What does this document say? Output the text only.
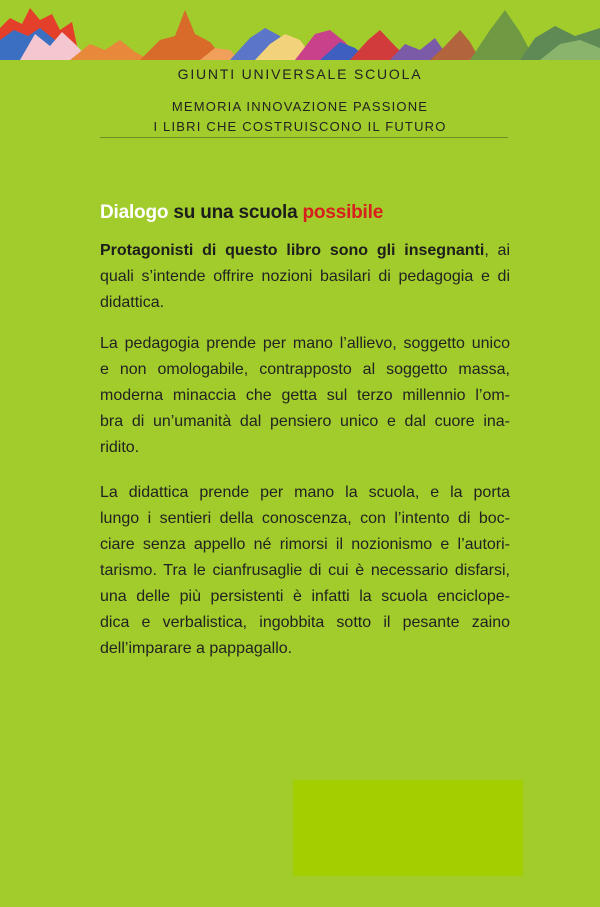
GIUNTI UNIVERSALE SCUOLA
MEMORIA INNOVAZIONE PASSIONE
I LIBRI CHE COSTRUISCONO IL FUTURO
Dialogo su una scuola possibile
Protagonisti di questo libro sono gli insegnanti, ai
quali s’intende offrire nozioni basilari di pedagogia e di
didattica.
La pedagogia prende per mano l’allievo, soggetto unico
e non omologabile, contrapposto al soggetto massa,
moderna minaccia che getta sul terzo millennio l’om-
bra di un’umanità dal pensiero unico e dal cuore ina-
ridito.
La didattica prende per mano la scuola, e la porta
lungo i sentieri della conoscenza, con l’intento di boc-
ciare senza appello né rimorsi il nozionismo e l’autori-
tarismo. Tra le cianfrusaglie di cui è necessario disfarsi,
una delle più persistenti è infatti la scuola enciclope-
dica e verbalistica, ingobbita sotto il pesante zaino
dell’imparare a pappagallo.
